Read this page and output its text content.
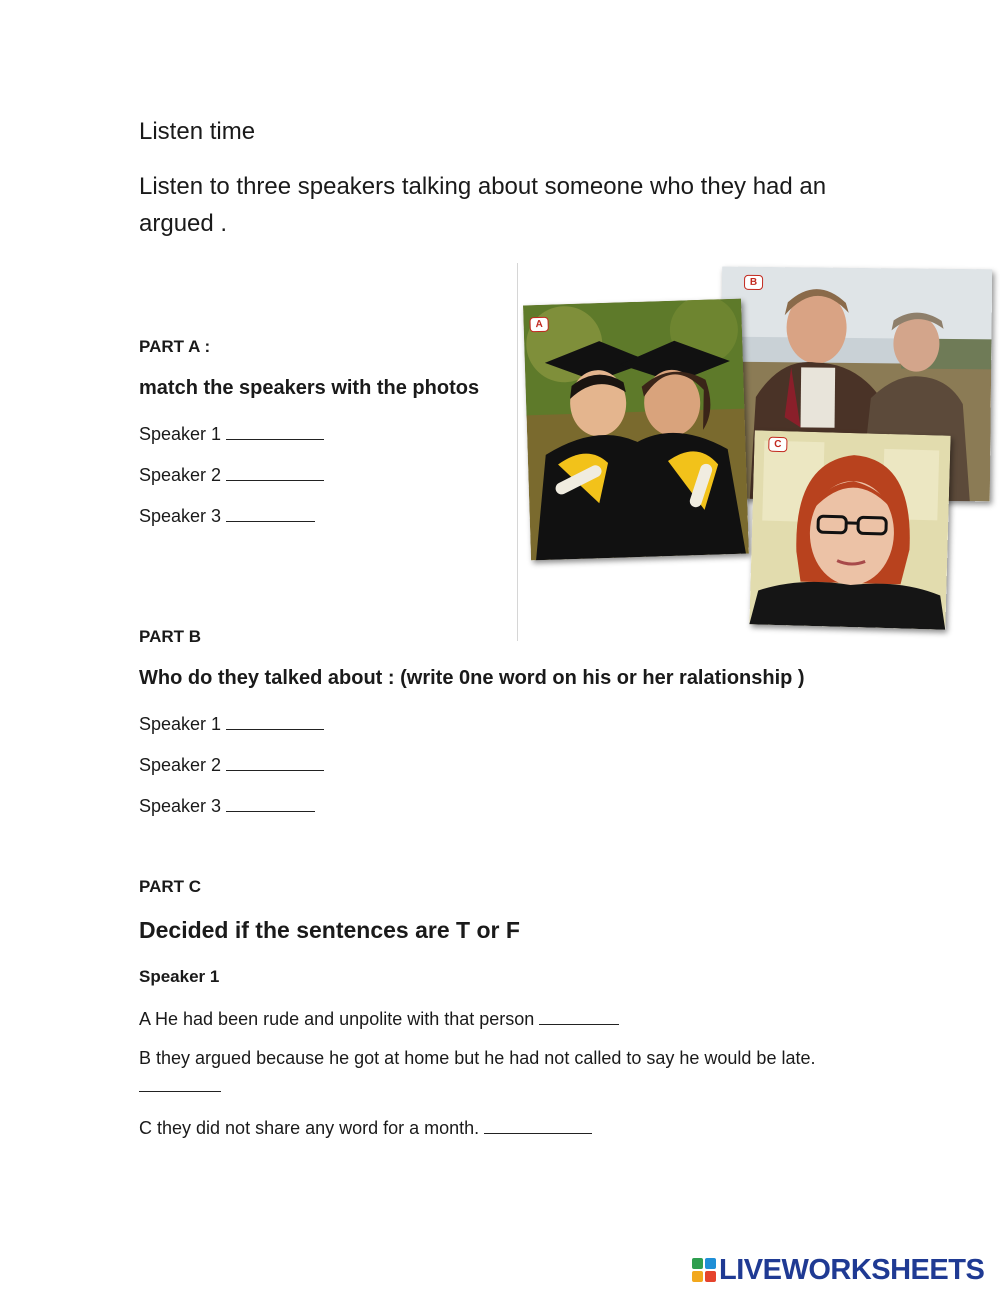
Listen time
Listen to three speakers talking about someone who they had an argued .
PART A :
match the speakers with the photos
Speaker 1
Speaker 2
Speaker 3
B
A
C
PART B
Who do they talked about : (write 0ne word on his or her ralationship )
Speaker 1
Speaker 2
Speaker 3
PART C
Decided if the sentences are T or F
Speaker 1
A He had been rude and unpolite with that person
B they argued because he got at home but he had not called to say he would be late.
C they did not share any word for a month.
LIVEWORKSHEETS
